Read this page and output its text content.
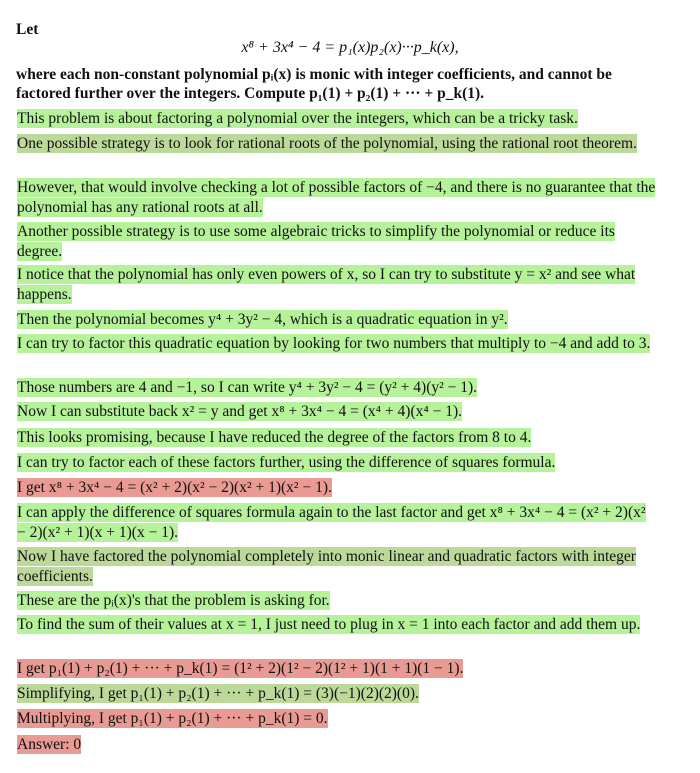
Let
x⁸ + 3x⁴ − 4 = p₁(x)p₂(x)···p_k(x),
where each non-constant polynomial pᵢ(x) is monic with integer coefficients, and cannot be factored further over the integers. Compute p₁(1) + p₂(1) + ··· + p_k(1).
This problem is about factoring a polynomial over the integers, which can be a tricky task.
One possible strategy is to look for rational roots of the polynomial, using the rational root theorem.
However, that would involve checking a lot of possible factors of −4, and there is no guarantee that the polynomial has any rational roots at all.
Another possible strategy is to use some algebraic tricks to simplify the polynomial or reduce its degree.
I notice that the polynomial has only even powers of x, so I can try to substitute y = x² and see what happens.
Then the polynomial becomes y⁴ + 3y² − 4, which is a quadratic equation in y².
I can try to factor this quadratic equation by looking for two numbers that multiply to −4 and add to 3.
Those numbers are 4 and −1, so I can write y⁴ + 3y² − 4 = (y² + 4)(y² − 1).
Now I can substitute back x² = y and get x⁸ + 3x⁴ − 4 = (x⁴ + 4)(x⁴ − 1).
This looks promising, because I have reduced the degree of the factors from 8 to 4.
I can try to factor each of these factors further, using the difference of squares formula.
I get x⁸ + 3x⁴ − 4 = (x² + 2)(x² − 2)(x² + 1)(x² − 1).
I can apply the difference of squares formula again to the last factor and get x⁸ + 3x⁴ − 4 = (x² + 2)(x² − 2)(x² + 1)(x + 1)(x − 1).
Now I have factored the polynomial completely into monic linear and quadratic factors with integer coefficients.
These are the pᵢ(x)'s that the problem is asking for.
To find the sum of their values at x = 1, I just need to plug in x = 1 into each factor and add them up.
I get p₁(1) + p₂(1) + ··· + p_k(1) = (1² + 2)(1² − 2)(1² + 1)(1 + 1)(1 − 1).
Simplifying, I get p₁(1) + p₂(1) + ··· + p_k(1) = (3)(−1)(2)(2)(0).
Multiplying, I get p₁(1) + p₂(1) + ··· + p_k(1) = 0.
Answer: 0
